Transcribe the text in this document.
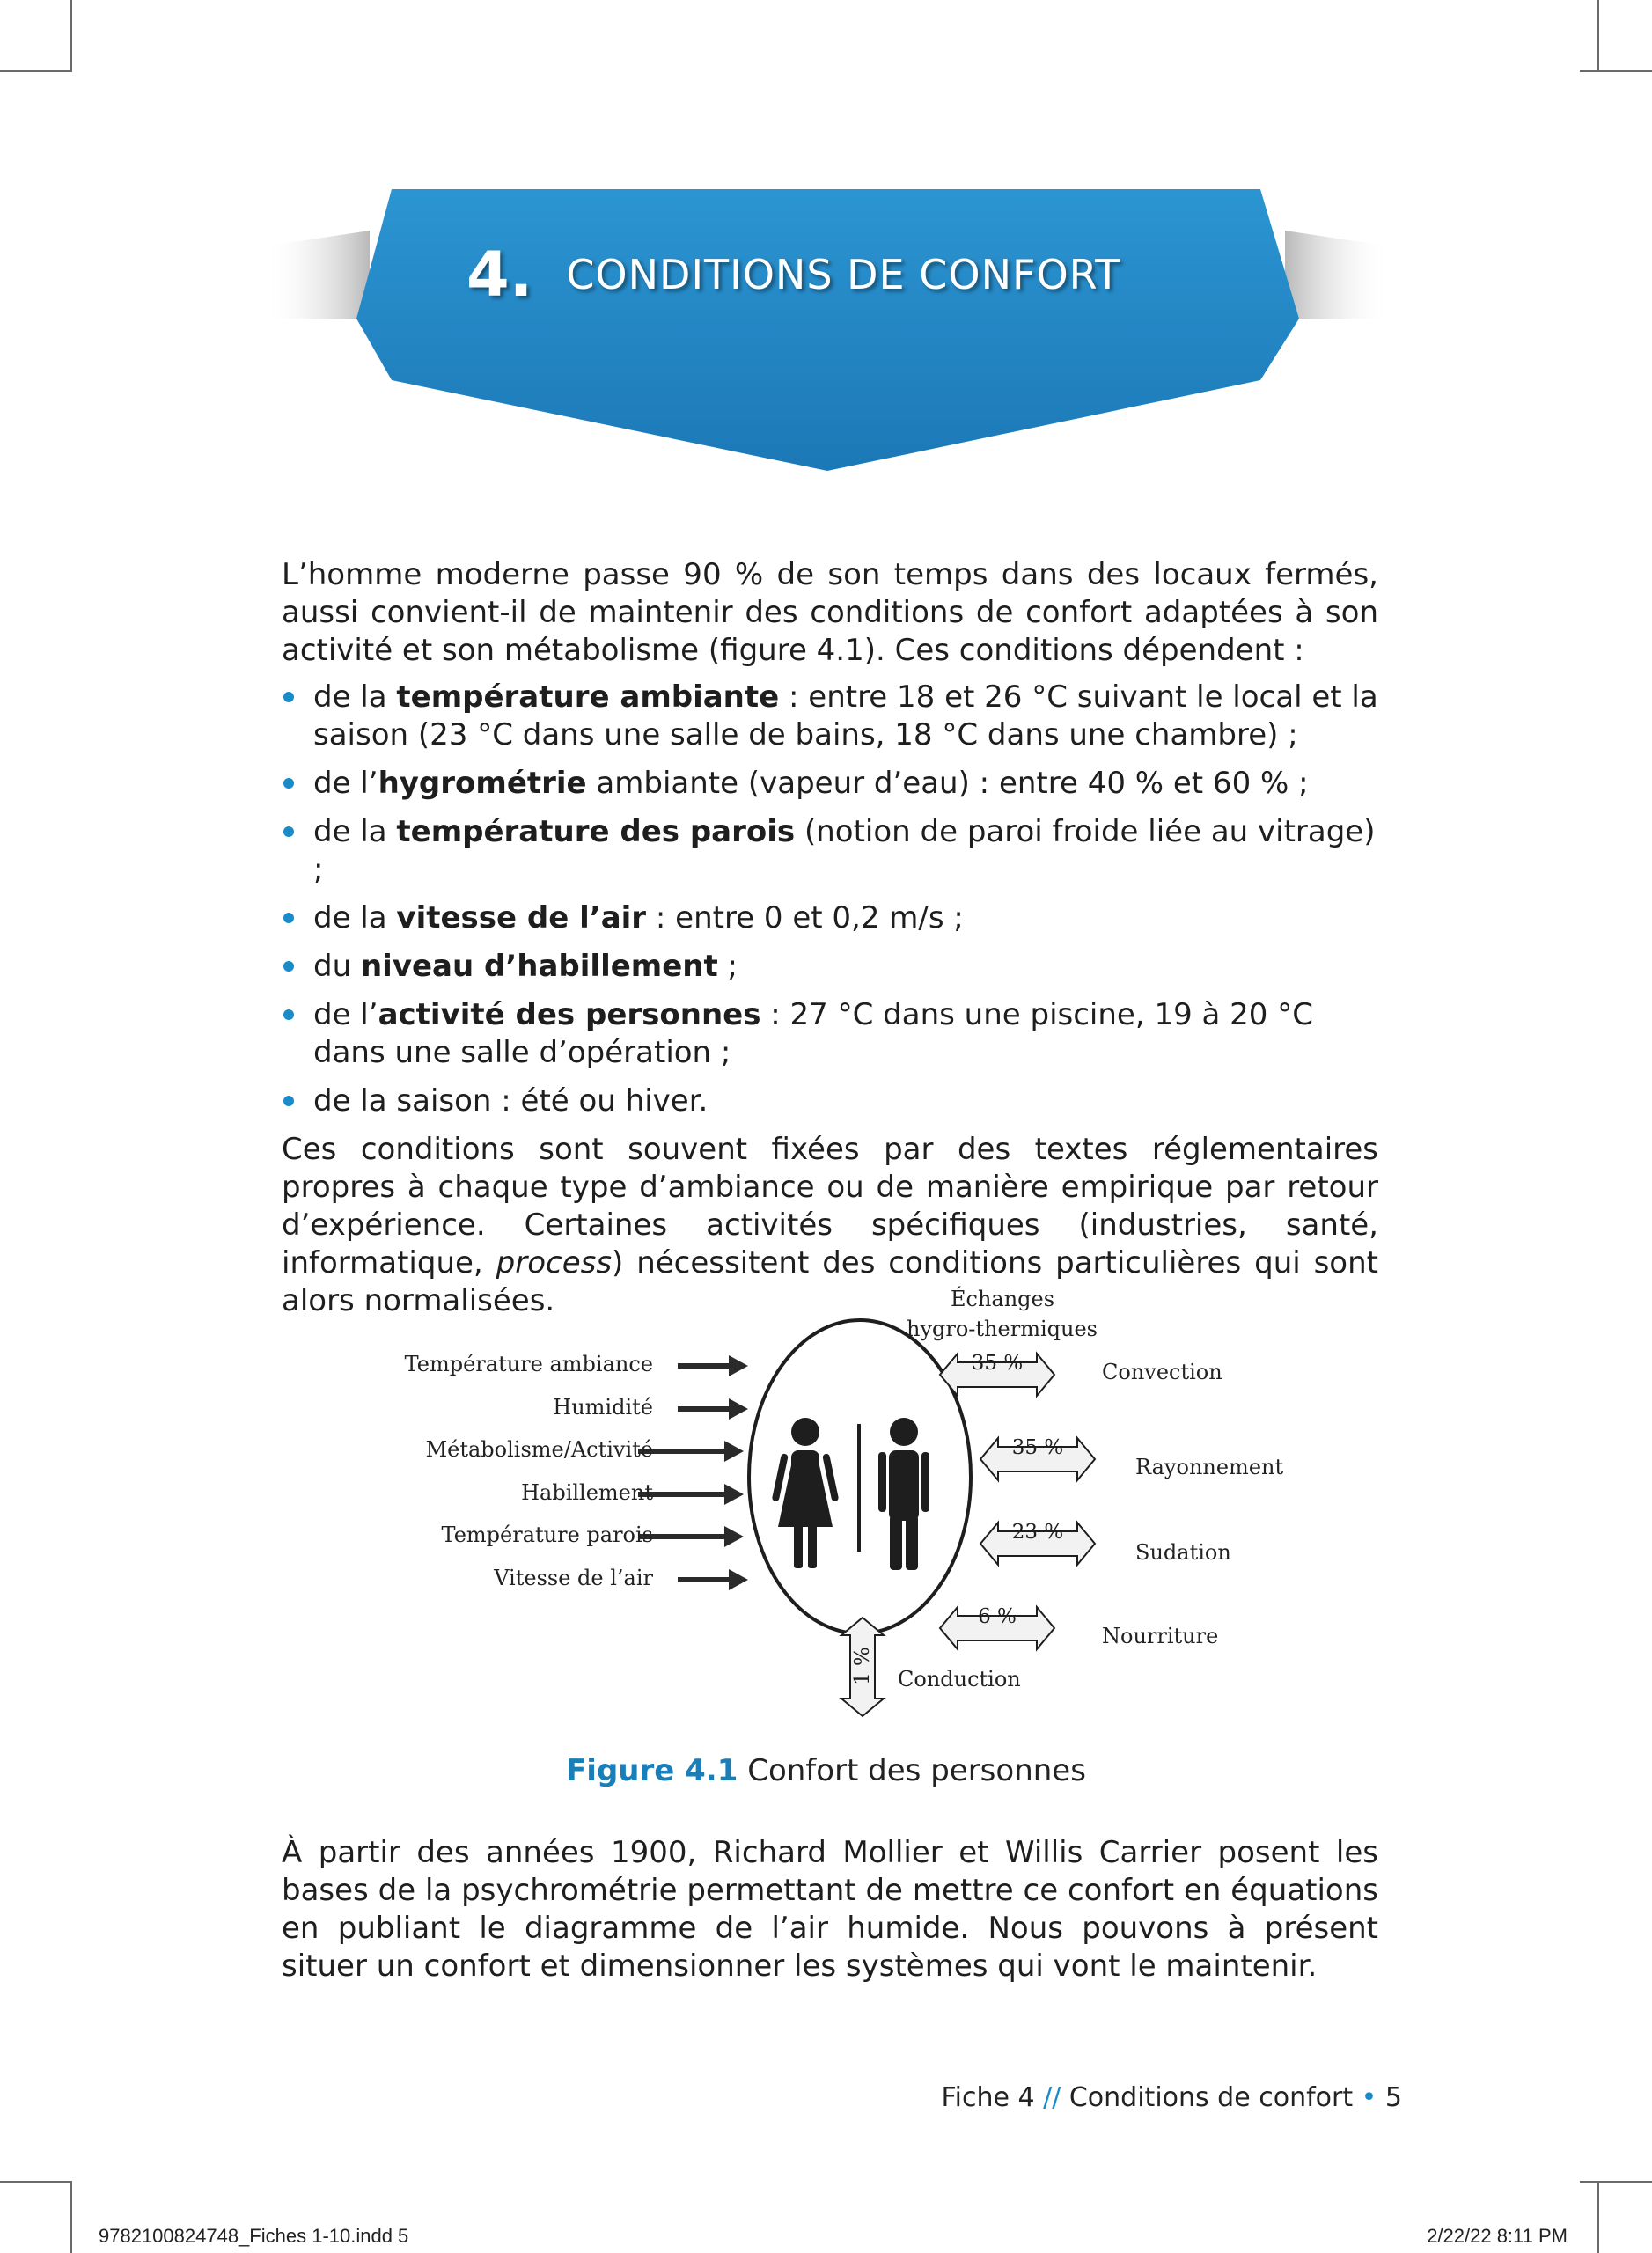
4. CONDITIONS DE CONFORT

L’homme moderne passe 90 % de son temps dans des locaux fermés, aussi convient-il de maintenir des conditions de confort adaptées à son activité et son métabolisme (figure 4.1). Ces conditions dépendent :

de la température ambiante : entre 18 et 26 °C suivant le local et la saison (23 °C dans une salle de bains, 18 °C dans une chambre) ;
de l’hygrométrie ambiante (vapeur d’eau) : entre 40 % et 60 % ;
de la température des parois (notion de paroi froide liée au vitrage) ;
de la vitesse de l’air : entre 0 et 0,2 m/s ;
du niveau d’habillement ;
de l’activité des personnes : 27 °C dans une piscine, 19 à 20 °C dans une salle d’opération ;
de la saison : été ou hiver.

Ces conditions sont souvent fixées par des textes réglementaires propres à chaque type d’ambiance ou de manière empirique par retour d’expérience. Certaines activités spécifiques (industries, santé, informatique, process) nécessitent des conditions particulières qui sont alors normalisées.

Température ambiance
Humidité
Métabolisme/Activité
Habillement
Température parois
Vitesse de l’air
Échanges
hygro-thermiques
35 %
35 %
23 %
6 %
1 %
Convection
Rayonnement
Sudation
Nourriture
Conduction
Figure 4.1 Confort des personnes
À partir des années 1900, Richard Mollier et Willis Carrier posent les bases de la psychrométrie permettant de mettre ce confort en équations en publiant le diagramme de l’air humide. Nous pouvons à présent situer un confort et dimensionner les systèmes qui vont le maintenir.
Fiche 4 // Conditions de confort • 5
9782100824748_Fiches 1-10.indd 5	2/22/22 8:11 PM
